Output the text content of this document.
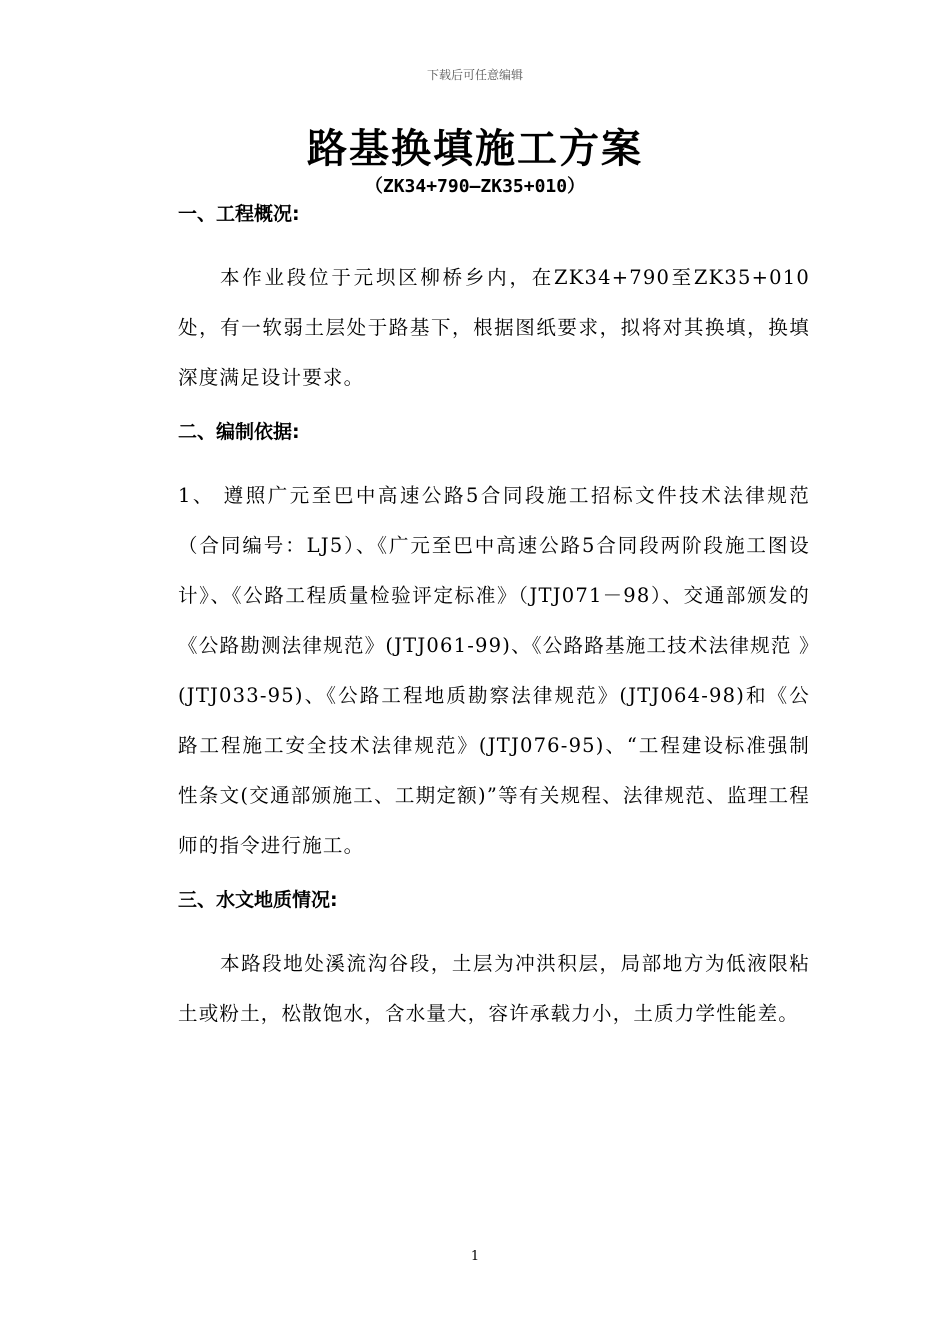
下载后可任意编辑
路基换填施工方案
（ZK34+790—ZK35+010）

一、工程概况:

本作业段位于元坝区柳桥乡内，在ZK34+790至ZK35+010处，有一软弱土层处于路基下，根据图纸要求，拟将对其换填，换填深度满足设计要求。

二、编制依据:

1、 遵照广元至巴中高速公路5合同段施工招标文件技术法律规范（合同编号：LJ5）、《广元至巴中高速公路5合同段两阶段施工图设计》、《公路工程质量检验评定标准》（JTJ071－98）、交通部颁发的《公路勘测法律规范》(JTJ061-99)、《公路路基施工技术法律规范 》(JTJ033-95)、《公路工程地质勘察法律规范》(JTJ064-98)和《公路工程施工安全技术法律规范》(JTJ076-95)、“工程建设标准强制性条文(交通部颁施工、工期定额)”等有关规程、法律规范、监理工程师的指令进行施工。

三、水文地质情况:

本路段地处溪流沟谷段，土层为冲洪积层，局部地方为低液限粘土或粉土，松散饱水，含水量大，容许承载力小，土质力学性能差。

1
